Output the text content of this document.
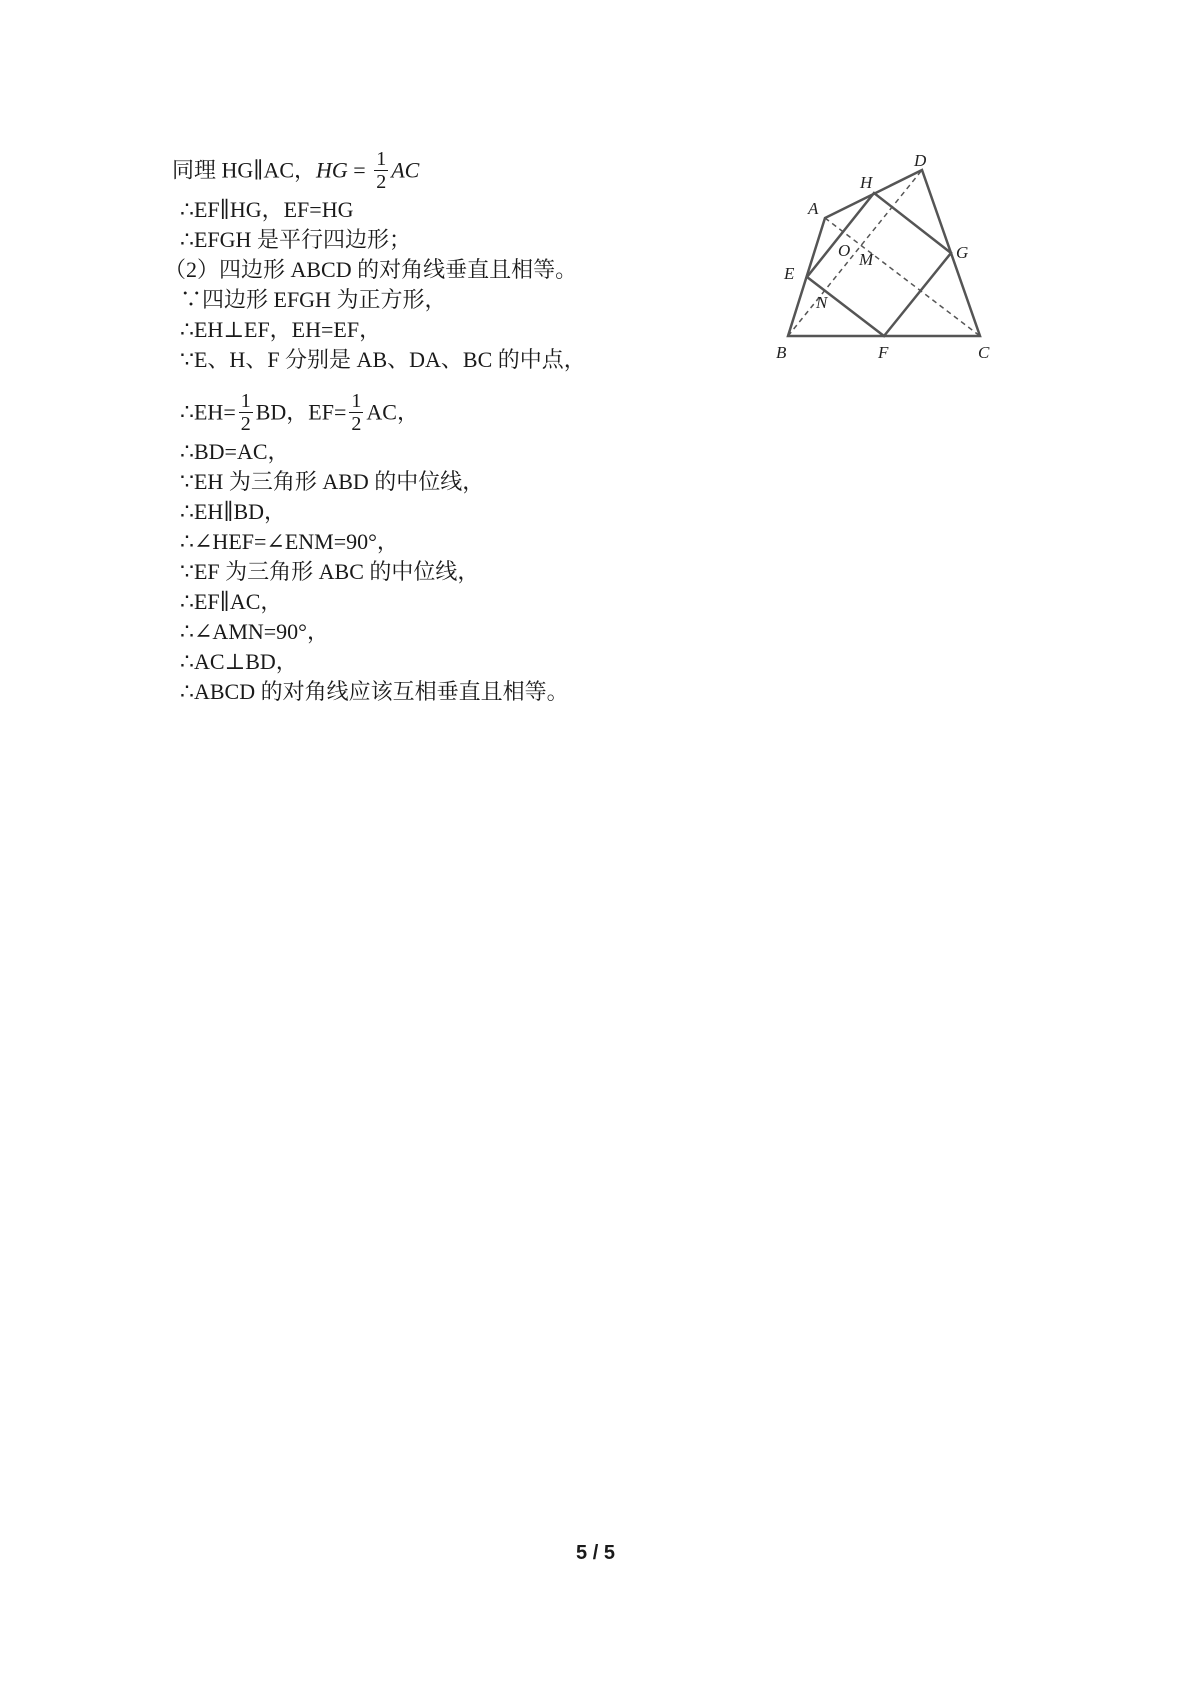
同理 HG∥AC，HG = $\frac{1}{2}$ AC
∴EF∥HG，EF=HG
∴EFGH 是平行四边形；
（2）四边形 ABCD 的对角线垂直且相等。
∵四边形 EFGH 为正方形，
∴EH⊥EF，EH=EF，
∵E、H、F 分别是 AB、DA、BC 的中点，
∴EH= $\frac{1}{2}$ BD，$EF= \frac{1}{2}$ AC，
∴BD=AC，
∵EH 为三角形 ABD 的中位线，
∴EH∥BD，
∴∠HEF=∠ENM=90°，
∵EF 为三角形 ABC 的中位线，
∴EF∥AC，
∴∠AMN=90°，
∴AC⊥BD，
∴ABCD 的对角线应该互相垂直且相等。
A
B	C
D
E
F
G
H
O M
N
5 / 5
